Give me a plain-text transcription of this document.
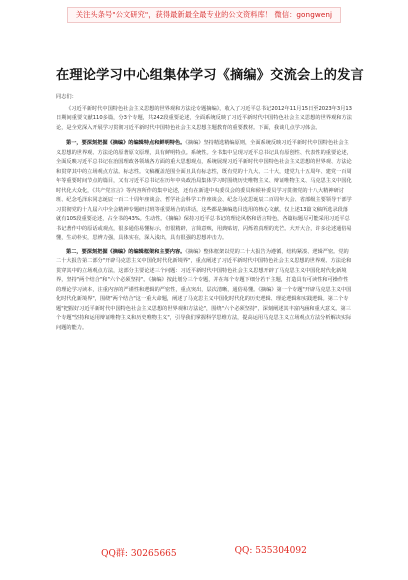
关注头条号"公文研究"，获得最新最全最专业的公文资料库！ 微信：gongwenj
在理论学习中心组集体学习《摘编》交流会上的发言
同志们：

《习近平新时代中国特色社会主义思想的世界观和方法论专题摘编》，收入了习近平总书记2012年11月15日至2023年3月13日期间重要文献110多篇，分3个专题，共242段重要论述，全面系统反映了习近平新时代中国特色社会主义思想的世界观和方法论，是全党深入开展学习贯彻习近平新时代中国特色社会主义思想主题教育的重要教材。下面，我谈几点学习体会。

第一，要深刻把握《摘编》的编辑特点和鲜明特色。《摘编》坚持精选精编原则，全面系统反映习近平新时代中国特色社会主义思想的世界观、方法论的原著原文原理，具有鲜明特点。系统性。全书集中呈现习近平总书记具有原创性、代表性的重要论述，全面反映习近平总书记在治国理政各领域各方面的重大思想观点，系统展现习近平新时代中国特色社会主义思想的世界观、方法论和贯穿其中的立场观点方法。标志性。文稿覆盖范围全面且具有标志性，既有党的十九大、二十大，建党九十五周年、建党一百周年等重要时间节点的篇目，又有习近平总书记在历年中央政治局集体学习时围绕历史唯物主义、辩证唯物主义、马克思主义中国化时代化大众化，《共产党宣言》等内容所作的集中论述，还有在新进中央委员会的委员和候补委员学习贯彻党的十八大精神研讨班、纪念毛泽东同志诞辰一百二十周年座谈会、哲学社会科学工作座谈会、纪念马克思诞辰二百周年大会、省部级主要领导干部学习贯彻党的十九届六中全会精神专题研讨班等重要场合的讲话，这些都是摘编选目选用的核心文献，仅上述13篇文稿所选录段落就有105段重要论述，占全书的43%。生动性。《摘编》保持习近平总书记的理论风格和语言特色，各篇标题尽可能采用习近平总书记著作中的原话或观点，很多通俗易懂标示，但很精辟，言简意赅，用典贴切，闪烁着真理的光芒。大开大合，许多论述通俗易懂，生动朴实，思辨力强，具体实在，深入浅出，具有很强的思想冲击力。

第二，要深刻把握《摘编》的编辑框架和主要内容。《摘编》整体框架以党的二十大报告为遵循，结构紧凑、逻辑严密。党的二十大报告第二部分"开辟马克思主义中国化时代化新境界"，重点阐述了习近平新时代中国特色社会主义思想的世界观、方法论和贯穿其中的立场观点方法，这部分主要论述三个问题：习近平新时代中国特色社会主义思想开辟了马克思主义中国化时代化新境界，坚持"两个结合"和"六个必须坚持"。《摘编》按此划分三个专题，并在每个专题下细分若干主题，打造具有可读性和可操作性的理论学习读本，注重内容的严谨性和逻辑的严密性，重点突出，层次清晰，通俗易懂。《摘编》第一个专题"开辟马克思主义中国化时代化新境界"，围绕"两个结合"这一重大命题，阐述了马克思主义中国化时代化的历史逻辑、理论逻辑和实践逻辑。第二个专题"把握好习近平新时代中国特色社会主义思想的世界观和方法论"，围绕"六个必须坚持"，深刻阐述其丰富内涵和重大意义。第三个专题"坚持和运用辩证唯物主义和历史唯物主义"，引导我们掌握科学思维方法，提高运用马克思主义立场观点方法分析解决实际问题的能力。

QQ群: 30265665	QQ: 535304092
